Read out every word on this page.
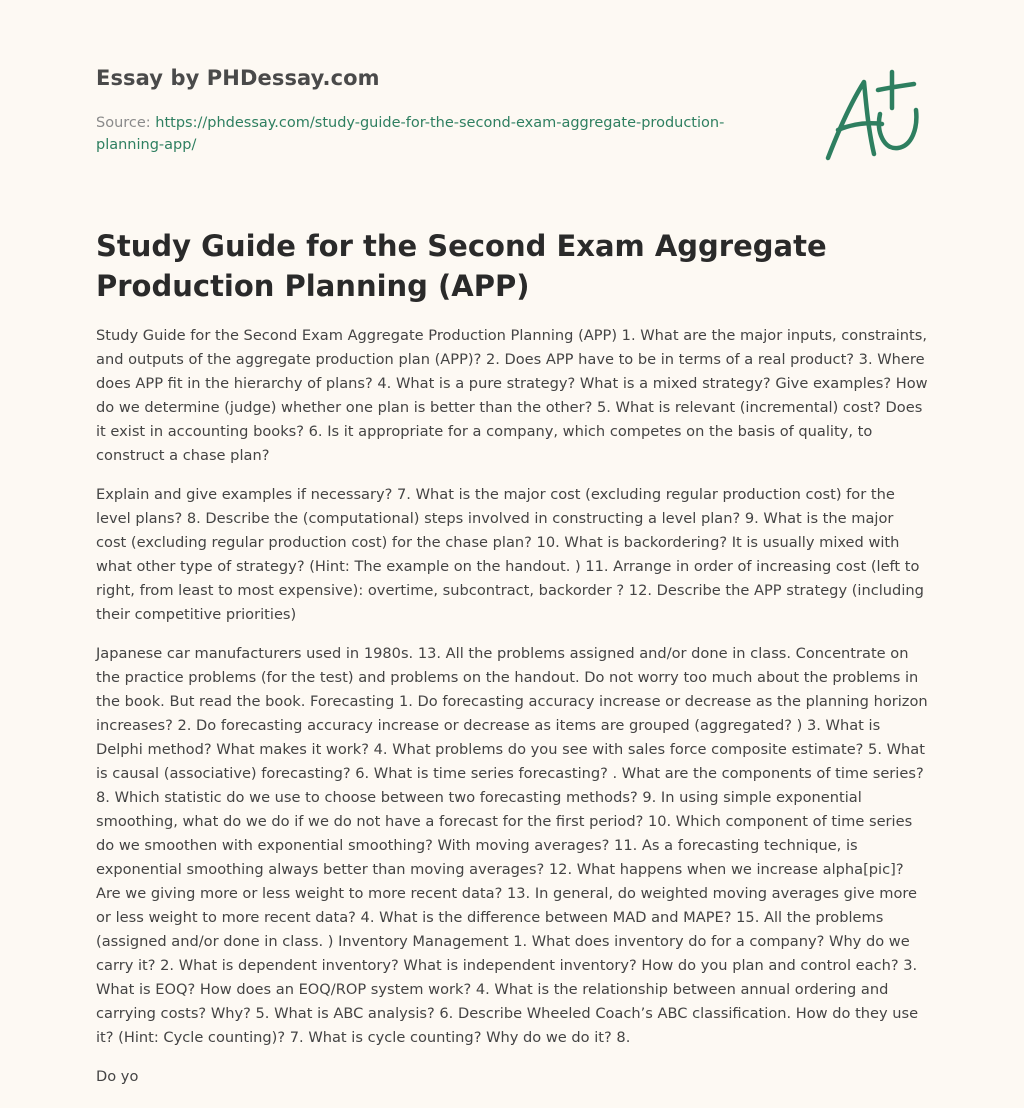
Essay by PHDessay.com
Source: https://phdessay.com/study-guide-for-the-second-exam-aggregate-production-planning-app/
Study Guide for the Second Exam Aggregate Production Planning (APP)

Study Guide for the Second Exam Aggregate Production Planning (APP) 1. What are the major inputs, constraints, and outputs of the aggregate production plan (APP)? 2. Does APP have to be in terms of a real product? 3. Where does APP fit in the hierarchy of plans? 4. What is a pure strategy? What is a mixed strategy? Give examples? How do we determine (judge) whether one plan is better than the other? 5. What is relevant (incremental) cost? Does it exist in accounting books? 6. Is it appropriate for a company, which competes on the basis of quality, to construct a chase plan?

Explain and give examples if necessary? 7. What is the major cost (excluding regular production cost) for the level plans? 8. Describe the (computational) steps involved in constructing a level plan? 9. What is the major cost (excluding regular production cost) for the chase plan? 10. What is backordering? It is usually mixed with what other type of strategy? (Hint: The example on the handout. ) 11. Arrange in order of increasing cost (left to right, from least to most expensive): overtime, subcontract, backorder ? 12. Describe the APP strategy (including their competitive priorities)

Japanese car manufacturers used in 1980s. 13. All the problems assigned and/or done in class. Concentrate on the practice problems (for the test) and problems on the handout. Do not worry too much about the problems in the book. But read the book. Forecasting 1. Do forecasting accuracy increase or decrease as the planning horizon increases? 2. Do forecasting accuracy increase or decrease as items are grouped (aggregated? ) 3. What is Delphi method? What makes it work? 4. What problems do you see with sales force composite estimate? 5. What is causal (associative) forecasting? 6. What is time series forecasting? . What are the components of time series? 8. Which statistic do we use to choose between two forecasting methods? 9. In using simple exponential smoothing, what do we do if we do not have a forecast for the first period? 10. Which component of time series do we smoothen with exponential smoothing? With moving averages? 11. As a forecasting technique, is exponential smoothing always better than moving averages? 12. What happens when we increase alpha[pic]? Are we giving more or less weight to more recent data? 13. In general, do weighted moving averages give more or less weight to more recent data? 4. What is the difference between MAD and MAPE? 15. All the problems (assigned and/or done in class. ) Inventory Management 1. What does inventory do for a company? Why do we carry it? 2. What is dependent inventory? What is independent inventory? How do you plan and control each? 3. What is EOQ? How does an EOQ/ROP system work? 4. What is the relationship between annual ordering and carrying costs? Why? 5. What is ABC analysis? 6. Describe Wheeled Coach’s ABC classification. How do they use it? (Hint: Cycle counting)? 7. What is cycle counting? Why do we do it? 8.

Do yo
